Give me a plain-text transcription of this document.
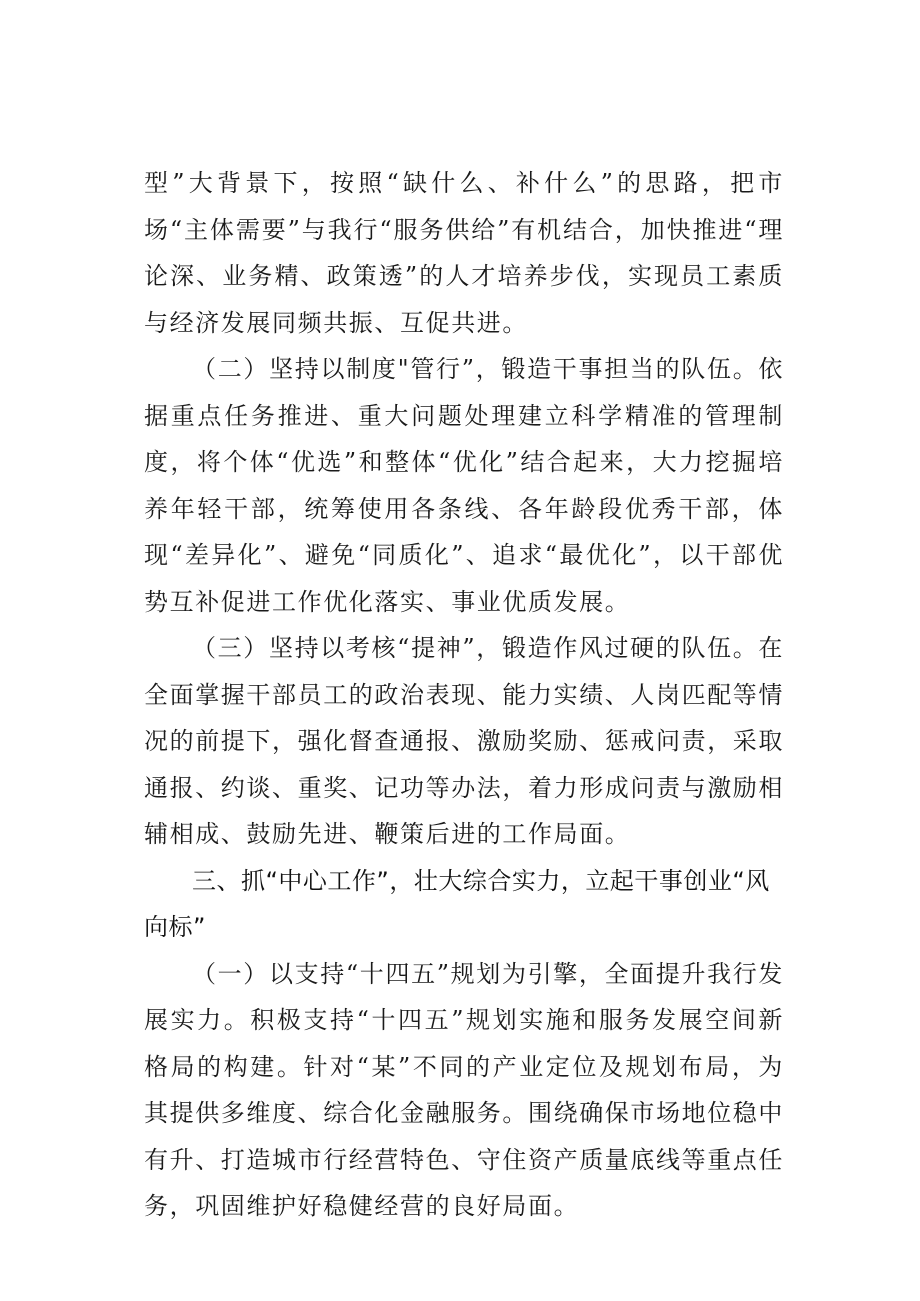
型”大背景下，按照“缺什么、补什么”的思路，把市场“主体需要”与我行“服务供给”有机结合，加快推进“理论深、业务精、政策透”的人才培养步伐，实现员工素质与经济发展同频共振、互促共进。

（二）坚持以制度"管行”，锻造干事担当的队伍。依据重点任务推进、重大问题处理建立科学精准的管理制度，将个体“优选”和整体“优化”结合起来，大力挖掘培养年轻干部，统筹使用各条线、各年龄段优秀干部，体现“差异化”、避免“同质化”、追求“最优化”，以干部优势互补促进工作优化落实、事业优质发展。

（三）坚持以考核“提神”，锻造作风过硬的队伍。在全面掌握干部员工的政治表现、能力实绩、人岗匹配等情况的前提下，强化督查通报、激励奖励、惩戒问责，采取通报、约谈、重奖、记功等办法，着力形成问责与激励相辅相成、鼓励先进、鞭策后进的工作局面。

三、抓“中心工作”，壮大综合实力，立起干事创业“风向标”

（一）以支持“十四五”规划为引擎，全面提升我行发展实力。积极支持“十四五”规划实施和服务发展空间新格局的构建。针对“某”不同的产业定位及规划布局，为其提供多维度、综合化金融服务。围绕确保市场地位稳中有升、打造城市行经营特色、守住资产质量底线等重点任务，巩固维护好稳健经营的良好局面。
